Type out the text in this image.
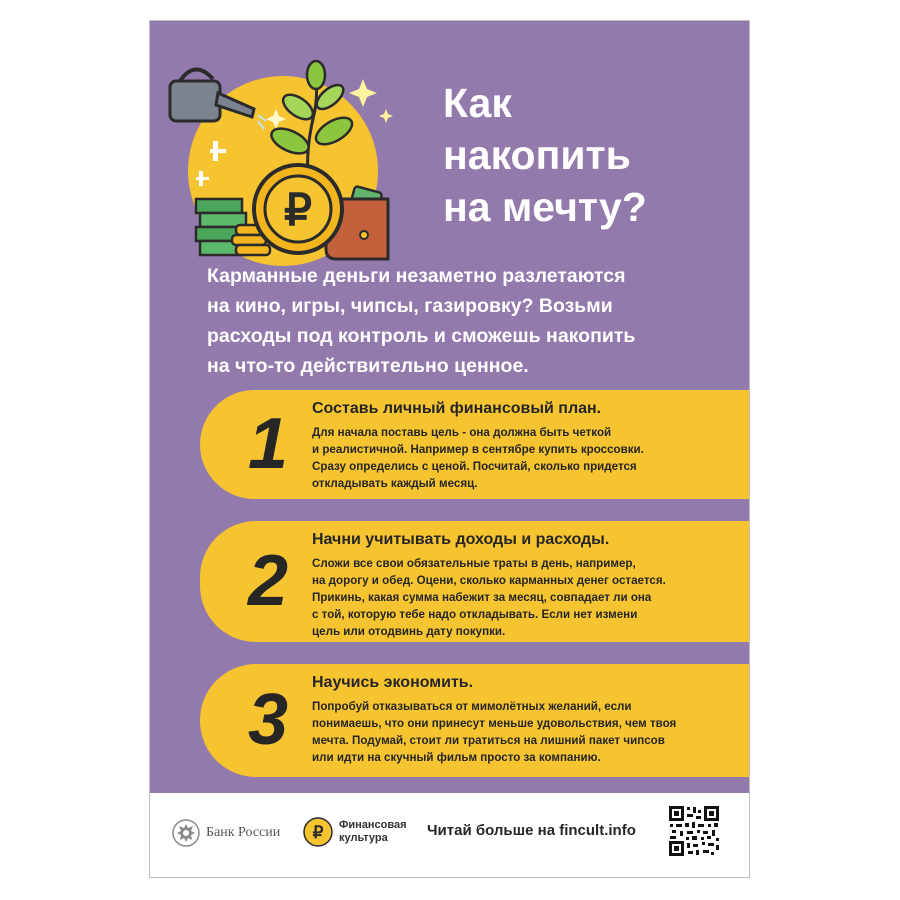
₽
Как
накопить
на мечту?

Карманные деньги незаметно разлетаются
на кино, игры, чипсы, газировку? Возьми
расходы под контроль и сможешь накопить
на что-то действительно ценное.

1	Составь личный финансовый план.
Для начала поставь цель - она должна быть четкой
и реалистичной. Например в сентябре купить кроссовки.
Сразу определись с ценой. Посчитай, сколько придется
откладывать каждый месяц.
2
Начни учитывать доходы и расходы.
Сложи все свои обязательные траты в день, например,
на дорогу и обед. Оцени, сколько карманных денег остается.
Прикинь, какая сумма набежит за месяц, совпадает ли она
с той, которую тебе надо откладывать. Если нет измени
цель или отодвинь дату покупки.
3	Научись экономить.
Попробуй отказываться от мимолётных желаний, если
понимаешь, что они принесут меньше удовольствия, чем твоя
мечта. Подумай, стоит ли тратиться на лишний пакет чипсов
или идти на скучный фильм просто за компанию.
Банк России ₽ Финансовая
культура	Читай больше на fincult.info
